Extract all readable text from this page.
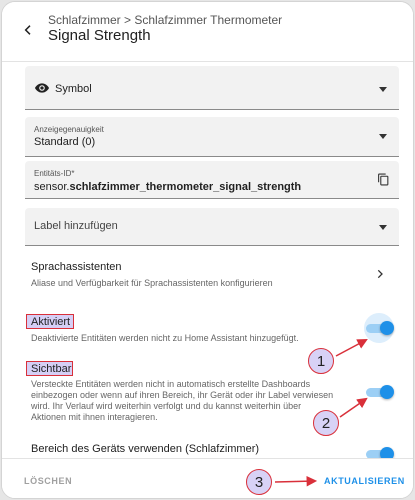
Schlafzimmer > Schlafzimmer Thermometer
Signal Strength
Symbol
Anzeigegenauigkeit
Standard (0)
Entitäts-ID*
sensor.schlafzimmer_thermometer_signal_strength
Label hinzufügen
Sprachassistenten
Aliase und Verfügbarkeit für Sprachassistenten konfigurieren
Aktiviert
Deaktivierte Entitäten werden nicht zu Home Assistant hinzugefügt.
Sichtbar
Versteckte Entitäten werden nicht in automatisch erstellte Dashboards
einbezogen oder wenn auf ihren Bereich, ihr Gerät oder ihr Label verwiesen
wird. Ihr Verlauf wird weiterhin verfolgt und du kannst weiterhin über
Aktionen mit ihnen interagieren.
Bereich des Geräts verwenden (Schlafzimmer)
1
2
LÖSCHEN	3	AKTUALISIEREN
